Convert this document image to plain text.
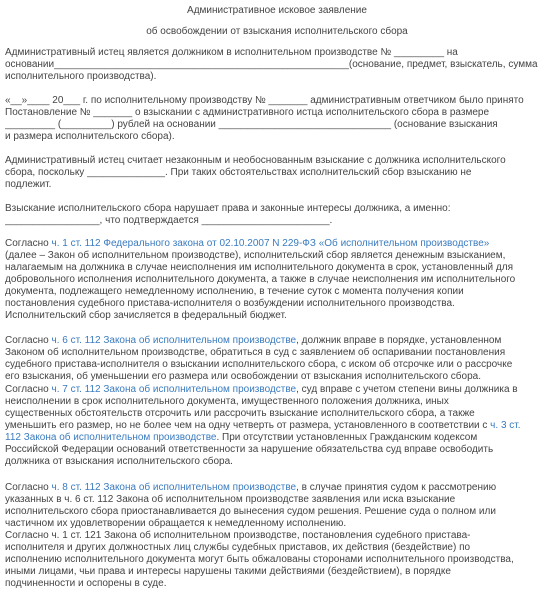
Административное исковое заявление
об освобождении от взыскания исполнительского сбора
Административный истец является должником в исполнительном производстве № _________ на
основании_____________________________________________________(основание, предмет, взыскатель, сумма
исполнительного производства).
«__»____ 20___ г. по исполнительному производству № _______ административным ответчиком было принято
Постановление № _______ о взыскании с административного истца исполнительского сбора в размере
_________ (_________) рублей на основании _______________________________ (основание взыскания
и размера исполнительского сбора).
Административный истец считает незаконным и необоснованным взыскание с должника исполнительского
сбора, поскольку ______________. При таких обстоятельствах исполнительский сбор взысканию не
подлежит.
Взыскание исполнительского сбора нарушает права и законные интересы должника, а именно:
_________________, что подтверждается _______________________.
Согласно ч. 1 ст. 112 Федерального закона от 02.10.2007 N 229-ФЗ «Об исполнительном производстве»
(далее – Закон об исполнительном производстве), исполнительский сбор является денежным взысканием,
налагаемым на должника в случае неисполнения им исполнительного документа в срок, установленный для
добровольного исполнения исполнительного документа, а также в случае неисполнения им исполнительного
документа, подлежащего немедленному исполнению, в течение суток с момента получения копии
постановления судебного пристава-исполнителя о возбуждении исполнительного производства.
Исполнительский сбор зачисляется в федеральный бюджет.
Согласно ч. 6 ст. 112 Закона об исполнительном производстве, должник вправе в порядке, установленном
Законом об исполнительном производстве, обратиться в суд с заявлением об оспаривании постановления
судебного пристава-исполнителя о взыскании исполнительского сбора, с иском об отсрочке или о рассрочке
его взыскания, об уменьшении его размера или освобождении от взыскания исполнительского сбора.
Согласно ч. 7 ст. 112 Закона об исполнительном производстве, суд вправе с учетом степени вины должника в
неисполнении в срок исполнительного документа, имущественного положения должника, иных
существенных обстоятельств отсрочить или рассрочить взыскание исполнительского сбора, а также
уменьшить его размер, но не более чем на одну четверть от размера, установленного в соответствии с ч. 3 ст.
112 Закона об исполнительном производстве. При отсутствии установленных Гражданским кодексом
Российской Федерации оснований ответственности за нарушение обязательства суд вправе освободить
должника от взыскания исполнительского сбора.
Согласно ч. 8 ст. 112 Закона об исполнительном производстве, в случае принятия судом к рассмотрению
указанных в ч. 6 ст. 112 Закона об исполнительном производстве заявления или иска взыскание
исполнительского сбора приостанавливается до вынесения судом решения. Решение суда о полном или
частичном их удовлетворении обращается к немедленному исполнению.
Согласно ч. 1 ст. 121 Закона об исполнительном производстве, постановления судебного пристава-
исполнителя и других должностных лиц службы судебных приставов, их действия (бездействие) по
исполнению исполнительного документа могут быть обжалованы сторонами исполнительного производства,
иными лицами, чьи права и интересы нарушены такими действиями (бездействием), в порядке
подчиненности и оспорены в суде.
